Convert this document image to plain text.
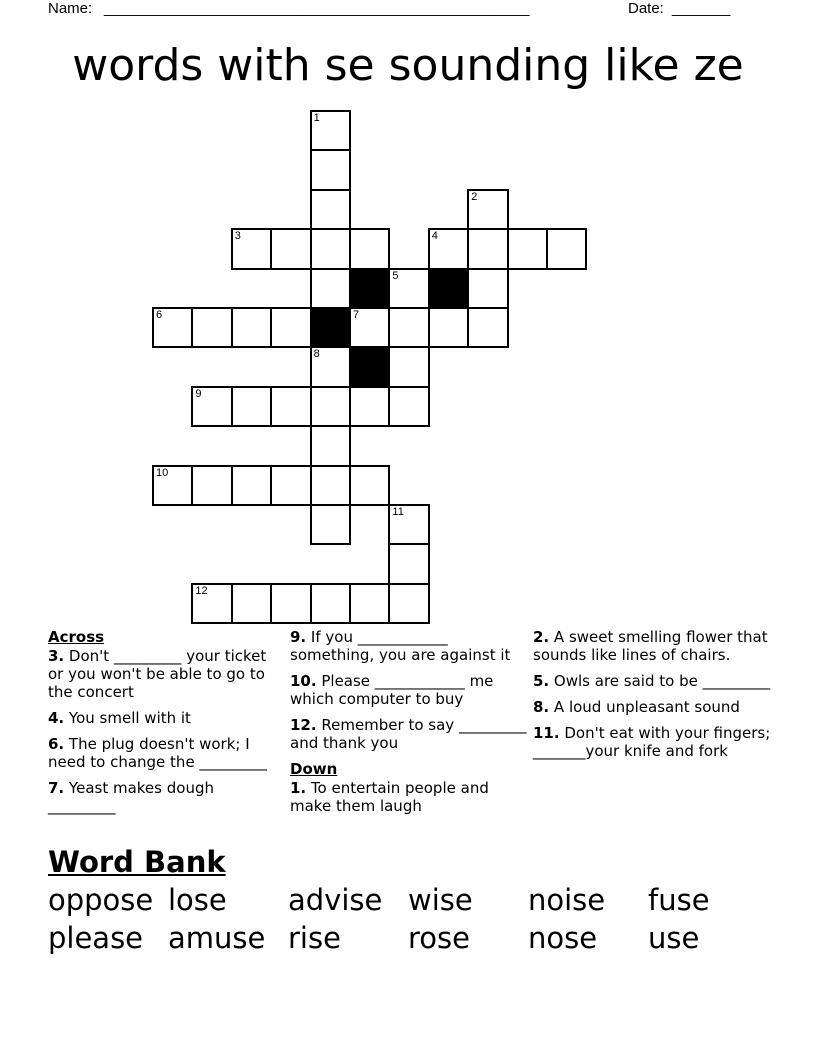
Name: ___________________________________________________	Date: _______
words with se sounding like ze
1
2
3	4
5
6	7
8
9
10
11
12
Across
3. Don't _________ your ticket or you won't be able to go to the concert
4. You smell with it
6. The plug doesn't work; I need to change the _________
7. Yeast makes dough _________
9. If you ____________ something, you are against it
10. Please ____________ me which computer to buy
12. Remember to say _________ and thank you
Down
1. To entertain people and make them laugh
2. A sweet smelling flower that sounds like lines of chairs.
5. Owls are said to be _________
8. A loud unpleasant sound
11. Don't eat with your fingers; _______your knife and fork
Word Bank
oppose lose	advise wise	noise	fuse
please amuse rise	rose	nose	use
